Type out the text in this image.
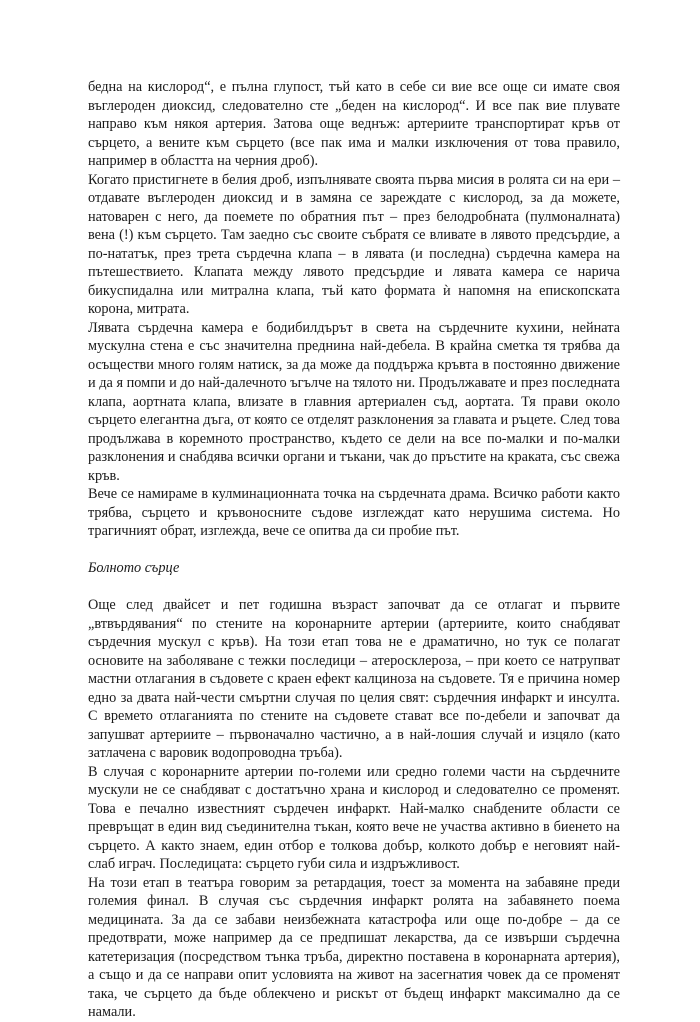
бедна на кислород“, е пълна глупост, тъй като в себе си вие все още си имате своя въглероден диоксид, следователно сте „беден на кислород“. И все пак вие плувате направо към някоя артерия. Затова още веднъж: артериите транспортират кръв от сърцето, а вените към сърцето (все пак има и малки изключения от това правило, например в областта на черния дроб).

Когато пристигнете в белия дроб, изпълнявате своята първа мисия в ролята си на ери – отдавате въглероден диоксид и в замяна се зареждате с кислород, за да можете, натоварен с него, да поемете по обратния път – през белодробната (пулмоналната) вена (!) към сърцето. Там заедно със своите събратя се вливате в лявото предсърдие, а по-нататък, през трета сърдечна клапа – в лявата (и последна) сърдечна камера на пътешествието. Клапата между лявото предсърдие и лявата камера се нарича бикуспидална или митрална клапа, тъй като формата ѝ напомня на епископската корона, митрата.

Лявата сърдечна камера е бодибилдърът в света на сърдечните кухини, нейната мускулна стена е със значителна преднина най-дебела. В крайна сметка тя трябва да осъществи много голям натиск, за да може да поддържа кръвта в постоянно движение и да я помпи и до най-далечното ъгълче на тялото ни. Продължавате и през последната клапа, аортната клапа, влизате в главния артериален съд, аортата. Тя прави около сърцето елегантна дъга, от която се отделят разклонения за главата и ръцете. След това продължава в коремното пространство, където се дели на все по-малки и по-малки разклонения и снабдява всички органи и тъкани, чак до пръстите на краката, със свежа кръв.

Вече се намираме в кулминационната точка на сърдечната драма. Всичко работи както трябва, сърцето и кръвоносните съдове изглеждат като нерушима система. Но трагичният обрат, изглежда, вече се опитва да си пробие път.

Болното сърце

Още след двайсет и пет годишна възраст започват да се отлагат и първите „втвърдявания“ по стените на коронарните артерии (артериите, които снабдяват сърдечния мускул с кръв). На този етап това не е драматично, но тук се полагат основите на заболяване с тежки последици – атеросклероза, – при което се натрупват мастни отлагания в съдовете с краен ефект калциноза на съдовете. Тя е причина номер едно за двата най-чести смъртни случая по целия свят: сърдечния инфаркт и инсулта. С времето отлаганията по стените на съдовете стават все по-дебели и започват да запушват артериите – първоначално частично, а в най-лошия случай и изцяло (като затлачена с варовик водопроводна тръба).

В случая с коронарните артерии по-големи или средно големи части на сърдечните мускули не се снабдяват с достатъчно храна и кислород и следователно се променят. Това е печално известният сърдечен инфаркт. Най-малко снабдените области се превръщат в един вид съединителна тъкан, която вече не участва активно в биенето на сърцето. А както знаем, един отбор е толкова добър, колкото добър е неговият най-слаб играч. Последицата: сърцето губи сила и издръжливост.

На този етап в театъра говорим за ретардация, тоест за момента на забавяне преди големия финал. В случая със сърдечния инфаркт ролята на забавянето поема медицината. За да се забави неизбежната катастрофа или още по-добре – да се предотврати, може например да се предпишат лекарства, да се извърши сърдечна катетеризация (посредством тънка тръба, директно поставена в коронарната артерия), а също и да се направи опит условията на живот на засегнатия човек да се променят така, че сърцето да бъде облекчено и рискът от бъдещ инфаркт максимално да се намали.
